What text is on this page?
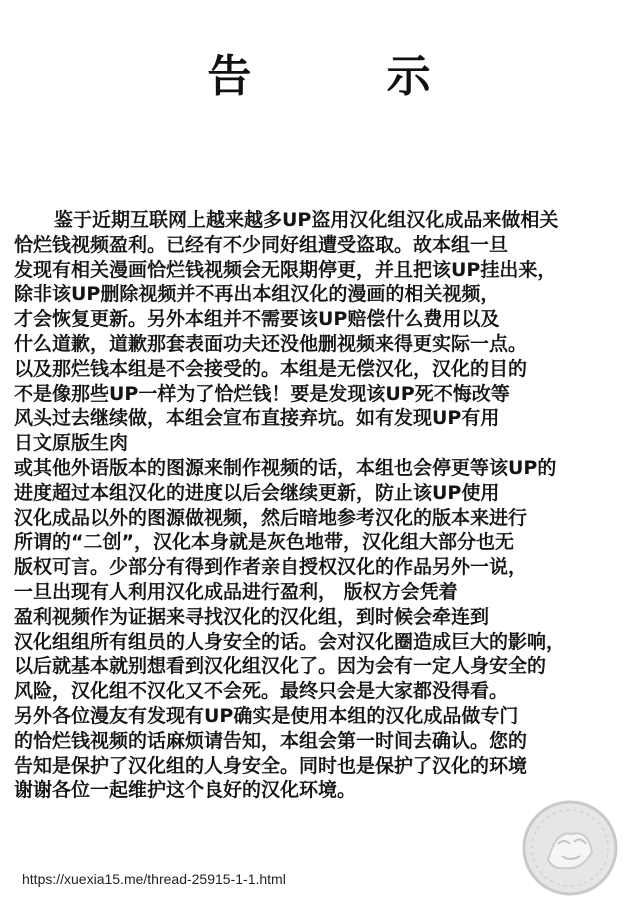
告 示
鉴于近期互联网上越来越多UP盗用汉化组汉化成品来做相关
恰烂钱视频盈利。已经有不少同好组遭受盗取。故本组一旦
发现有相关漫画恰烂钱视频会无限期停更，并且把该UP挂出来，
除非该UP删除视频并不再出本组汉化的漫画的相关视频，
才会恢复更新。另外本组并不需要该UP赔偿什么费用以及
什么道歉，道歉那套表面功夫还没他删视频来得更实际一点。
以及那烂钱本组是不会接受的。本组是无偿汉化，汉化的目的
不是像那些UP一样为了恰烂钱！要是发现该UP死不悔改等
风头过去继续做，本组会宣布直接弃坑。如有发现UP有用
日文原版生肉
或其他外语版本的图源来制作视频的话，本组也会停更等该UP的
进度超过本组汉化的进度以后会继续更新，防止该UP使用
汉化成品以外的图源做视频，然后暗地参考汉化的版本来进行
所谓的“二创”，汉化本身就是灰色地带，汉化组大部分也无
版权可言。少部分有得到作者亲自授权汉化的作品另外一说，
一旦出现有人利用汉化成品进行盈利， 版权方会凭着
盈利视频作为证据来寻找汉化的汉化组，到时候会牵连到
汉化组组所有组员的人身安全的话。会对汉化圈造成巨大的影响，
以后就基本就别想看到汉化组汉化了。因为会有一定人身安全的
风险，汉化组不汉化又不会死。最终只会是大家都没得看。
另外各位漫友有发现有UP确实是使用本组的汉化成品做专门
的恰烂钱视频的话麻烦请告知，本组会第一时间去确认。您的
告知是保护了汉化组的人身安全。同时也是保护了汉化的环境
谢谢各位一起维护这个良好的汉化环境。
https://xuexia15.me/thread-25915-1-1.html
